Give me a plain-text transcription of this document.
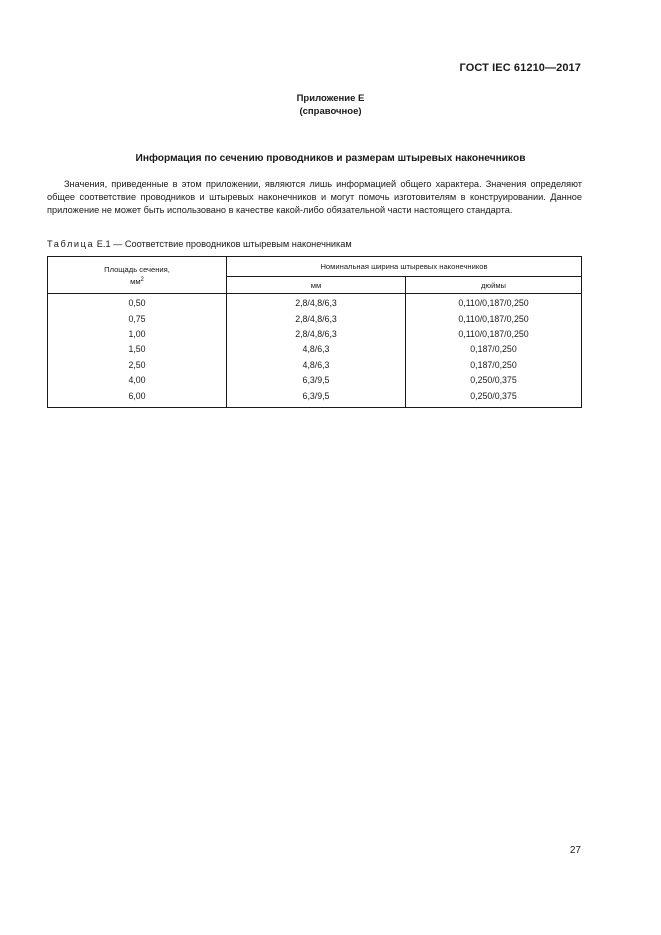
ГОСТ IEC 61210—2017
Приложение Е
(справочное)
Информация по сечению проводников и размерам штыревых наконечников

Значения, приведенные в этом приложении, являются лишь информацией общего характера. Значения определяют общее соответствие проводников и штыревых наконечников и могут помочь изготовителям в конструировании. Данное приложение не может быть использовано в качестве какой-либо обязательной части настоящего стандарта.

Таблица Е.1 — Соответствие проводников штыревым наконечникам
Площадь сечения,
$мм^2$	Номинальная ширина штыревых наконечников	
	мм	дюймы
0,50	2,8/4,8/6,3	0,110/0,187/0,250
0,75	2,8/4,8/6,3	0,110/0,187/0,250
1,00	2,8/4,8/6,3	0,110/0,187/0,250
1,50	4,8/6,3	0,187/0,250
2,50	4,8/6,3	0,187/0,250
4,00	6,3/9,5	0,250/0,375
6,00	6,3/9,5	0,250/0,375
27
